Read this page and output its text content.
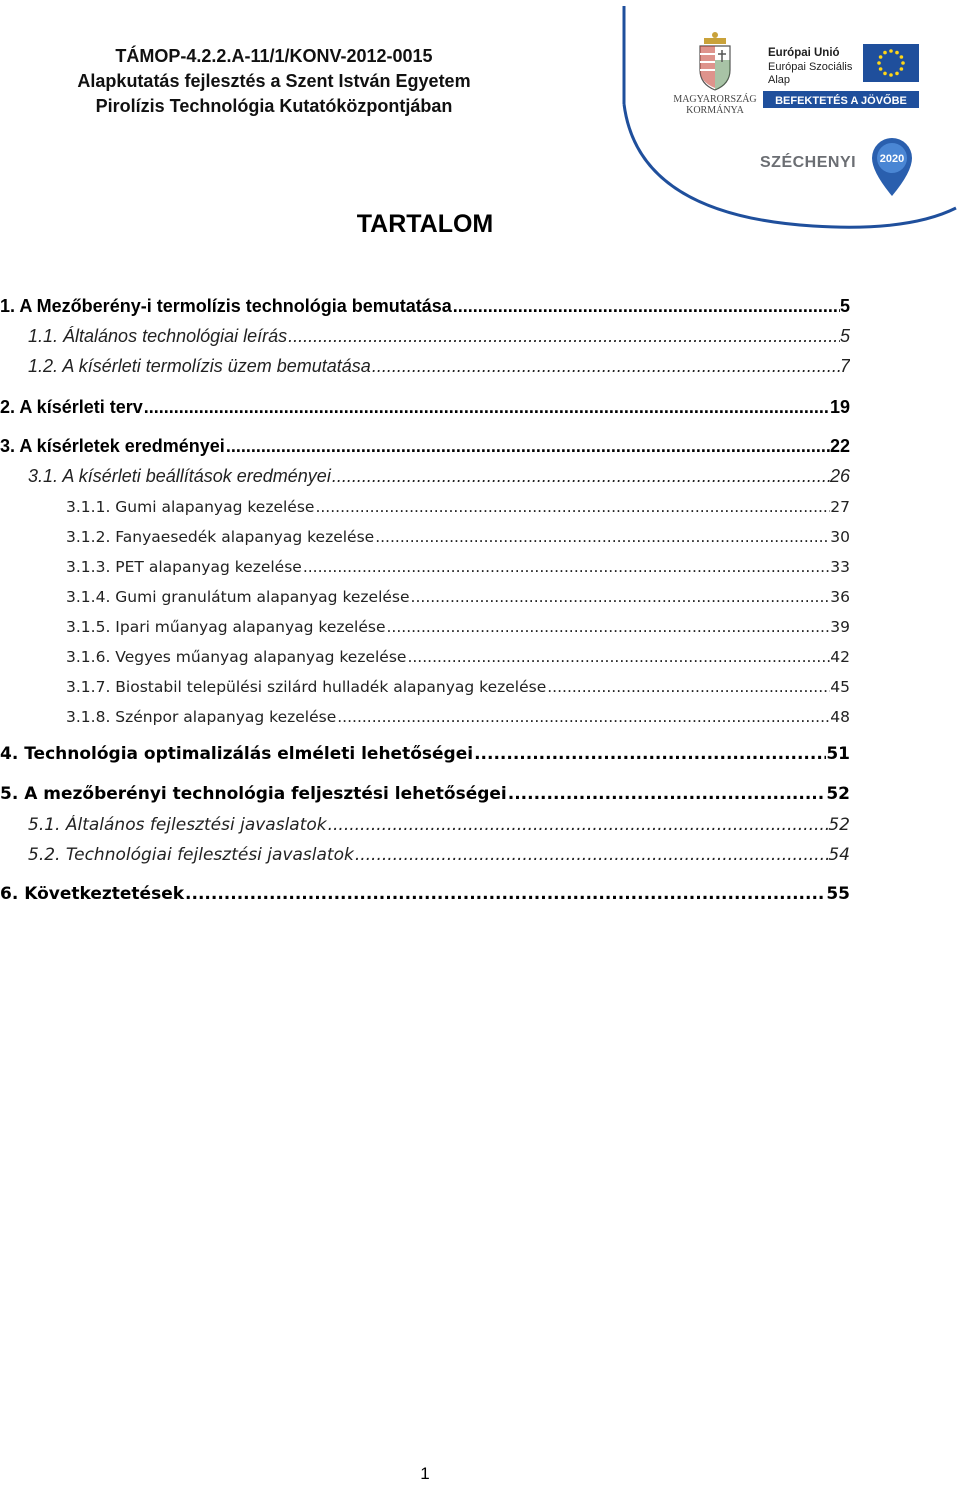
TÁMOP-4.2.2.A-11/1/KONV-2012-0015
Alapkutatás fejlesztés a Szent István Egyetem
Pirolízis Technológia Kutatóközpontjában	MAGYARORSZÁG
KORMÁNYA
Európai Unió
Európai Szociális
Alap
BEFEKTETÉS A JÖVŐBE
SZÉCHENYI 2020
TARTALOM
1. A Mezőberény-i termolízis technológia bemutatása .....	5
1.1. Általános technológiai leírás .....	5
1.2. A kísérleti termolízis üzem bemutatása .....	7
2. A kísérleti terv .....	19
3. A kísérletek eredményei .....	22
3.1. A kísérleti beállítások eredményei .....	26
3.1.1. Gumi alapanyag kezelése .....	27
3.1.2. Fanyaesedék alapanyag kezelése .....	30
3.1.3. PET alapanyag kezelése .....	33
3.1.4. Gumi granulátum alapanyag kezelése .....	36
3.1.5. Ipari műanyag alapanyag kezelése .....	39
3.1.6. Vegyes műanyag alapanyag kezelése .....	42
3.1.7. Biostabil települési szilárd hulladék alapanyag kezelése .....	45
3.1.8. Szénpor alapanyag kezelése .....	48
4. Technológia optimalizálás elméleti lehetőségei .....	51
5. A mezőberényi technológia feljesztési lehetőségei .....	52
5.1. Általános fejlesztési javaslatok .....	52
5.2. Technológiai fejlesztési javaslatok .....	54
6. Következtetések .....	55
1
